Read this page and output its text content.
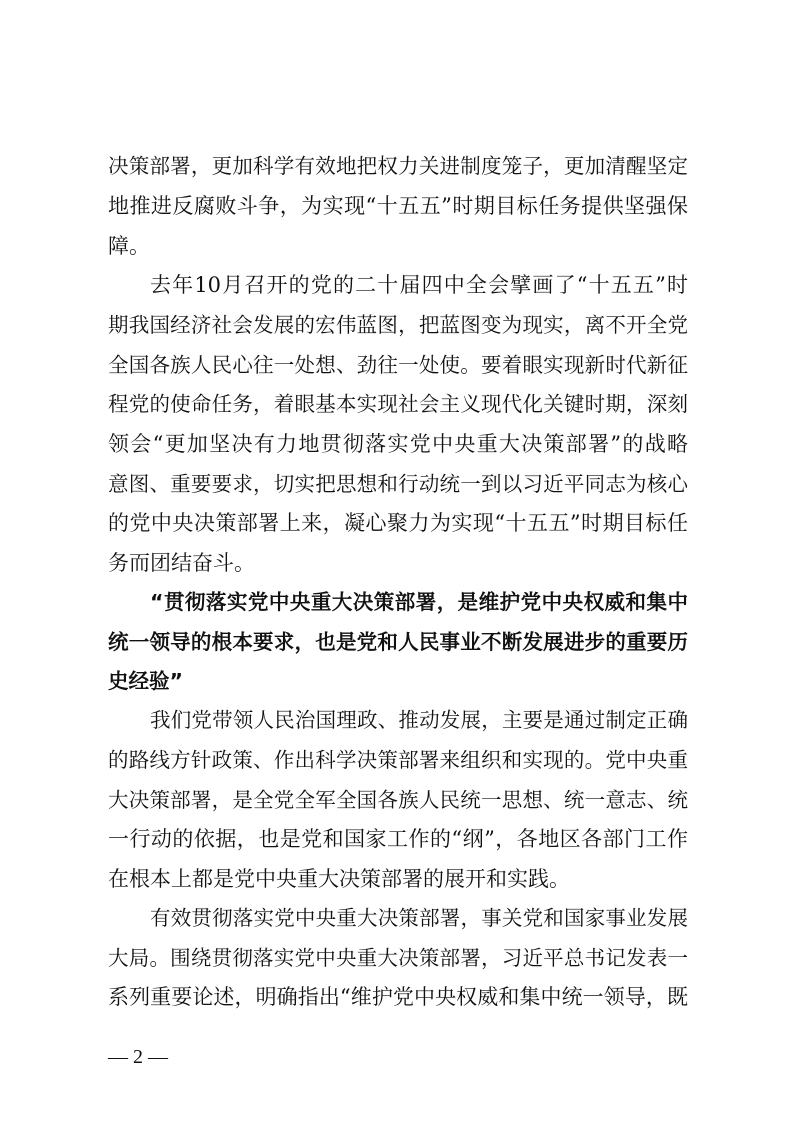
决策部署，更加科学有效地把权力关进制度笼子，更加清醒坚定
地推进反腐败斗争，为实现“十五五”时期目标任务提供坚强保
障。
去年10月召开的党的二十届四中全会擘画了“十五五”时
期我国经济社会发展的宏伟蓝图，把蓝图变为现实，离不开全党
全国各族人民心往一处想、劲往一处使。要着眼实现新时代新征
程党的使命任务，着眼基本实现社会主义现代化关键时期，深刻
领会“更加坚决有力地贯彻落实党中央重大决策部署”的战略
意图、重要要求，切实把思想和行动统一到以习近平同志为核心
的党中央决策部署上来，凝心聚力为实现“十五五”时期目标任
务而团结奋斗。
“贯彻落实党中央重大决策部署，是维护党中央权威和集中
统一领导的根本要求，也是党和人民事业不断发展进步的重要历
史经验”
我们党带领人民治国理政、推动发展，主要是通过制定正确
的路线方针政策、作出科学决策部署来组织和实现的。党中央重
大决策部署，是全党全军全国各族人民统一思想、统一意志、统
一行动的依据，也是党和国家工作的“纲”，各地区各部门工作
在根本上都是党中央重大决策部署的展开和实践。
有效贯彻落实党中央重大决策部署，事关党和国家事业发展
大局。围绕贯彻落实党中央重大决策部署，习近平总书记发表一
系列重要论述，明确指出“维护党中央权威和集中统一领导，既
— 2 —
